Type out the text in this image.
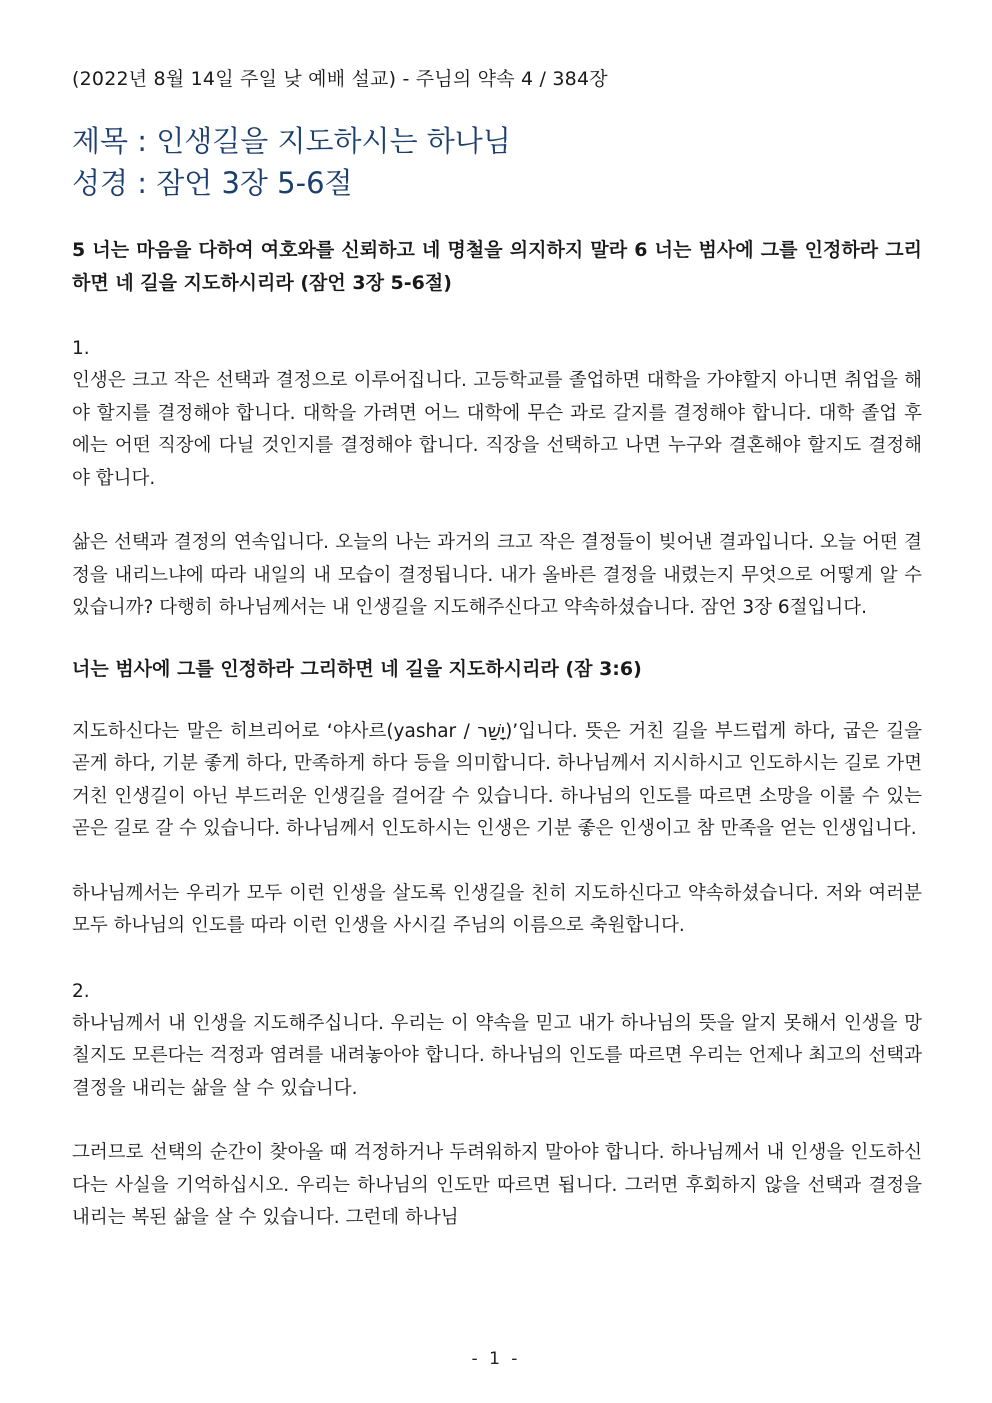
(2022년 8월 14일 주일 낮 예배 설교) - 주님의 약속 4 / 384장

제목 : 인생길을 지도하시는 하나님

성경 : 잠언 3장 5-6절

5 너는 마음을 다하여 여호와를 신뢰하고 네 명철을 의지하지 말라 6 너는 범사에 그를 인정하라 그리하면 네 길을 지도하시리라 (잠언 3장 5-6절)

1.

인생은 크고 작은 선택과 결정으로 이루어집니다. 고등학교를 졸업하면 대학을 가야할지 아니면 취업을 해야 할지를 결정해야 합니다. 대학을 가려면 어느 대학에 무슨 과로 갈지를 결정해야 합니다. 대학 졸업 후에는 어떤 직장에 다닐 것인지를 결정해야 합니다. 직장을 선택하고 나면 누구와 결혼해야 할지도 결정해야 합니다.

삶은 선택과 결정의 연속입니다. 오늘의 나는 과거의 크고 작은 결정들이 빚어낸 결과입니다. 오늘 어떤 결정을 내리느냐에 따라 내일의 내 모습이 결정됩니다. 내가 올바른 결정을 내렸는지 무엇으로 어떻게 알 수 있습니까? 다행히 하나님께서는 내 인생길을 지도해주신다고 약속하셨습니다. 잠언 3장 6절입니다.

너는 범사에 그를 인정하라 그리하면 네 길을 지도하시리라 (잠 3:6)

지도하신다는 말은 히브리어로 ‘야사르(yashar / יָשַׁר)’입니다. 뜻은 거친 길을 부드럽게 하다, 굽은 길을 곧게 하다, 기분 좋게 하다, 만족하게 하다 등을 의미합니다. 하나님께서 지시하시고 인도하시는 길로 가면 거친 인생길이 아닌 부드러운 인생길을 걸어갈 수 있습니다. 하나님의 인도를 따르면 소망을 이룰 수 있는 곧은 길로 갈 수 있습니다. 하나님께서 인도하시는 인생은 기분 좋은 인생이고 참 만족을 얻는 인생입니다.

하나님께서는 우리가 모두 이런 인생을 살도록 인생길을 친히 지도하신다고 약속하셨습니다. 저와 여러분 모두 하나님의 인도를 따라 이런 인생을 사시길 주님의 이름으로 축원합니다.

2.

하나님께서 내 인생을 지도해주십니다. 우리는 이 약속을 믿고 내가 하나님의 뜻을 알지 못해서 인생을 망칠지도 모른다는 걱정과 염려를 내려놓아야 합니다. 하나님의 인도를 따르면 우리는 언제나 최고의 선택과 결정을 내리는 삶을 살 수 있습니다.

그러므로 선택의 순간이 찾아올 때 걱정하거나 두려워하지 말아야 합니다. 하나님께서 내 인생을 인도하신다는 사실을 기억하십시오. 우리는 하나님의 인도만 따르면 됩니다. 그러면 후회하지 않을 선택과 결정을 내리는 복된 삶을 살 수 있습니다. 그런데 하나님

- 1 -
